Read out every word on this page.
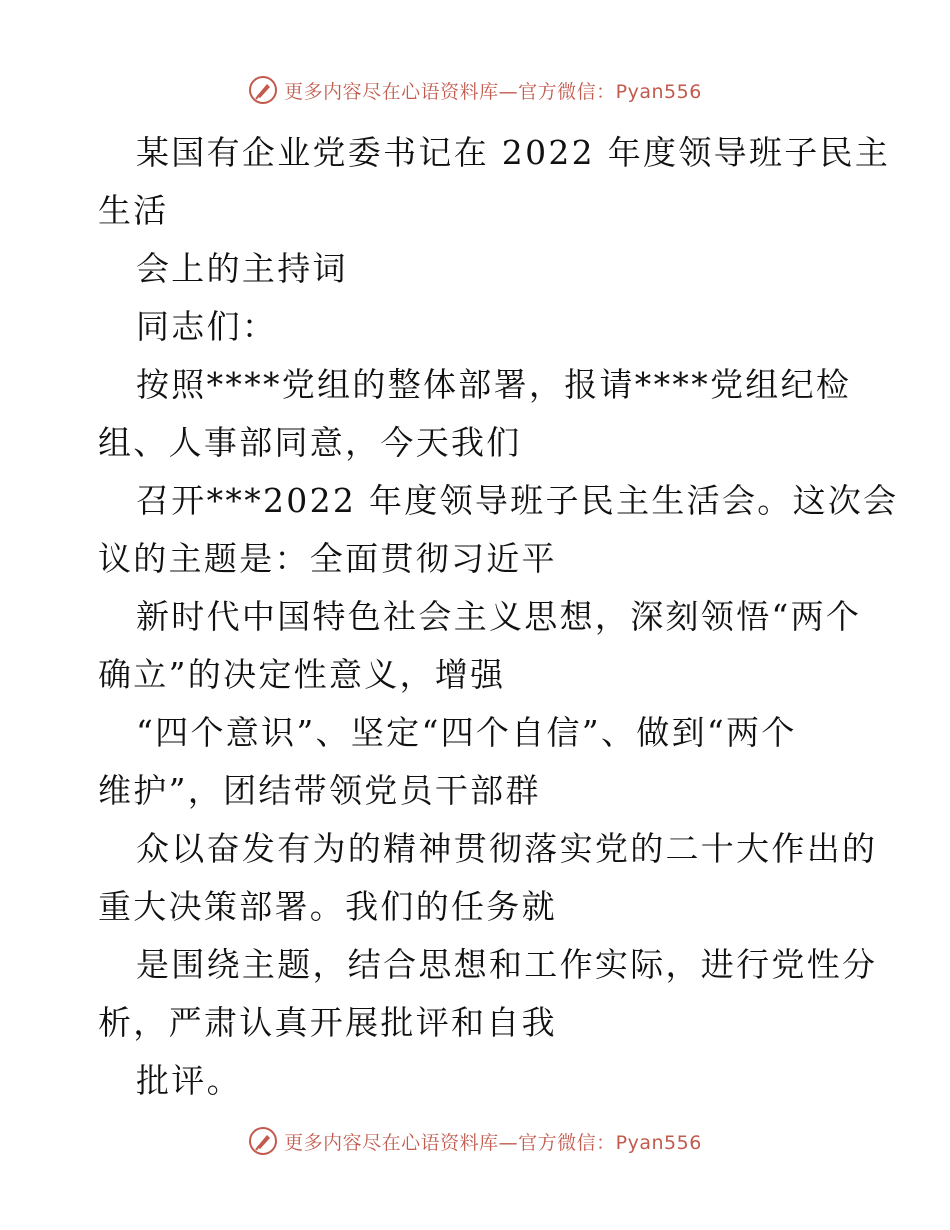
更多内容尽在心语资料库—官方微信：Pyan556
某国有企业党委书记在 2022 年度领导班子民主
生活
会上的主持词
同志们：
按照****党组的整体部署，报请****党组纪检
组、人事部同意，今天我们
召开***2022 年度领导班子民主生活会。这次会
议的主题是：全面贯彻习近平
新时代中国特色社会主义思想，深刻领悟“两个
确立”的决定性意义，增强
“四个意识”、坚定“四个自信”、做到“两个
维护”，团结带领党员干部群
众以奋发有为的精神贯彻落实党的二十大作出的
重大决策部署。我们的任务就
是围绕主题，结合思想和工作实际，进行党性分
析，严肃认真开展批评和自我
批评。
更多内容尽在心语资料库—官方微信：Pyan556
